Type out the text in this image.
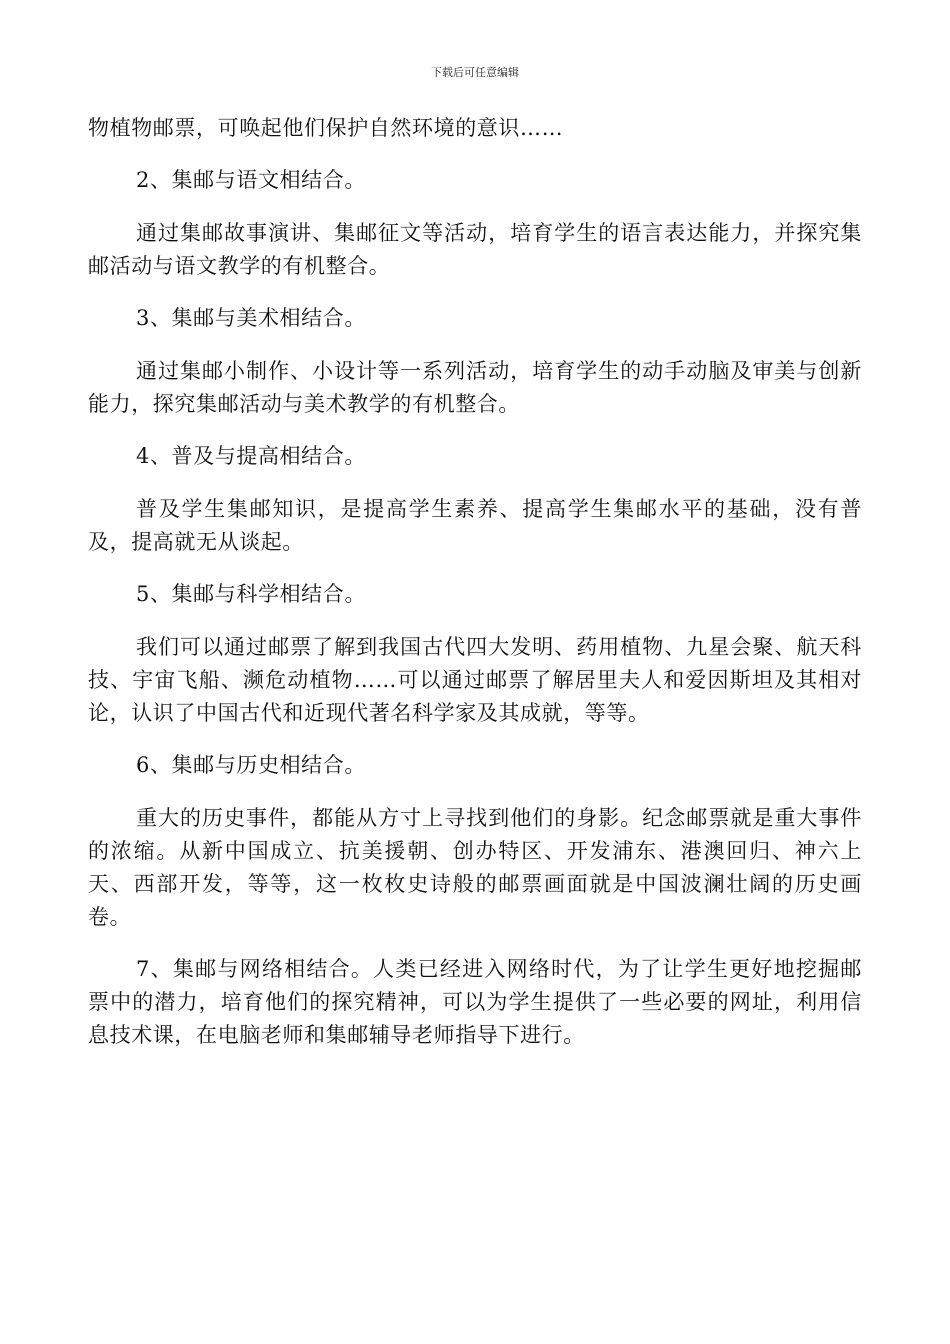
下载后可任意编辑

物植物邮票，可唤起他们保护自然环境的意识……

2、集邮与语文相结合。

通过集邮故事演讲、集邮征文等活动，培育学生的语言表达能力，并探究集邮活动与语文教学的有机整合。

3、集邮与美术相结合。

通过集邮小制作、小设计等一系列活动，培育学生的动手动脑及审美与创新能力，探究集邮活动与美术教学的有机整合。

4、普及与提高相结合。

普及学生集邮知识，是提高学生素养、提高学生集邮水平的基础，没有普及，提高就无从谈起。

5、集邮与科学相结合。

我们可以通过邮票了解到我国古代四大发明、药用植物、九星会聚、航天科技、宇宙飞船、濒危动植物……可以通过邮票了解居里夫人和爱因斯坦及其相对论，认识了中国古代和近现代著名科学家及其成就，等等。

6、集邮与历史相结合。

重大的历史事件，都能从方寸上寻找到他们的身影。纪念邮票就是重大事件的浓缩。从新中国成立、抗美援朝、创办特区、开发浦东、港澳回归、神六上天、西部开发，等等，这一枚枚史诗般的邮票画面就是中国波澜壮阔的历史画卷。

7、集邮与网络相结合。人类已经进入网络时代，为了让学生更好地挖掘邮票中的潜力，培育他们的探究精神，可以为学生提供了一些必要的网址，利用信息技术课，在电脑老师和集邮辅导老师指导下进行。
